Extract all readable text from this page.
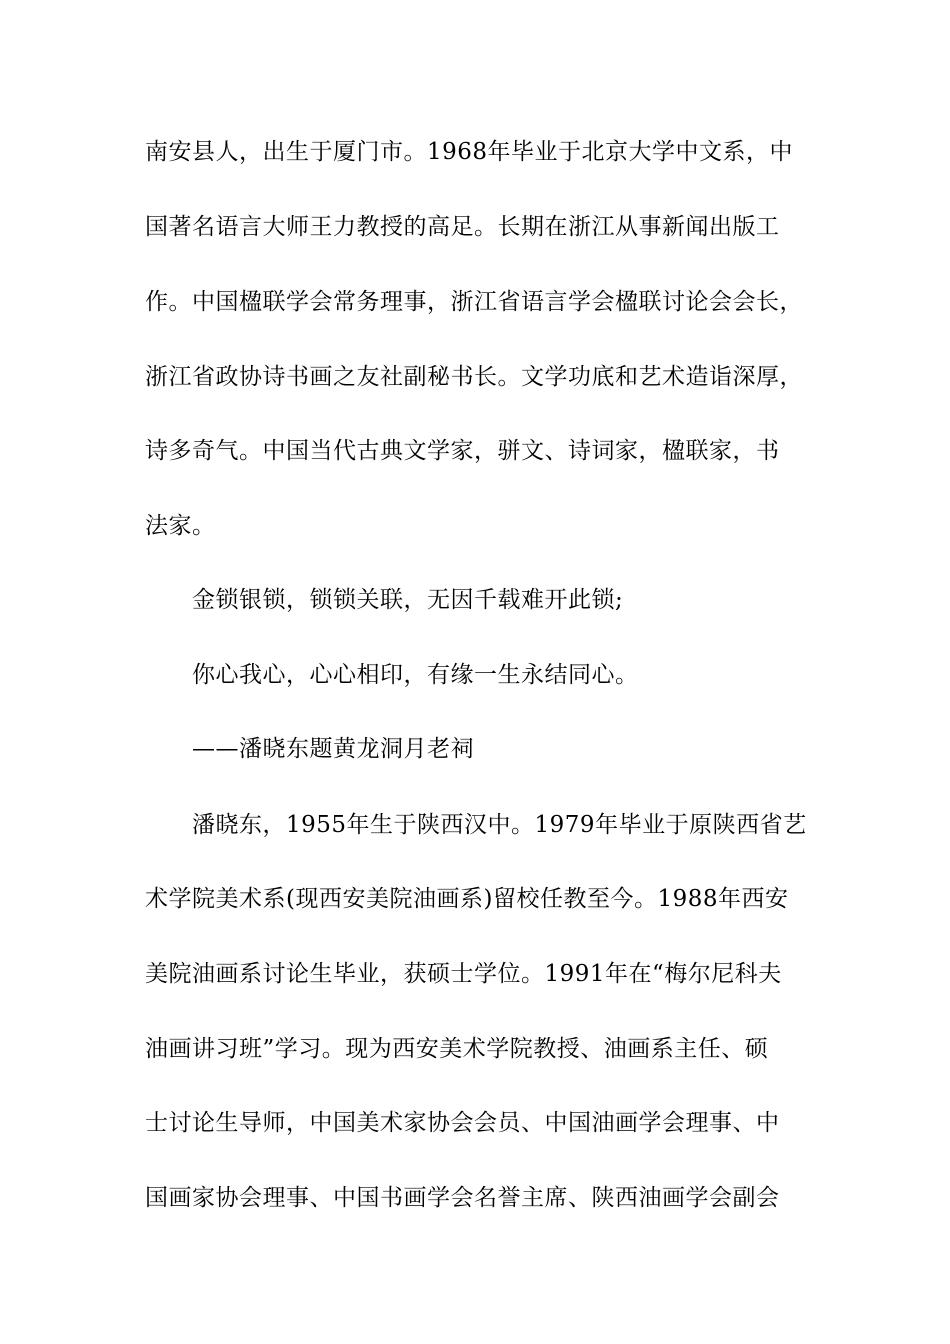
南安县人，出生于厦门市。1968年毕业于北京大学中文系，中
国著名语言大师王力教授的高足。长期在浙江从事新闻出版工
作。中国楹联学会常务理事，浙江省语言学会楹联讨论会会长，
浙江省政协诗书画之友社副秘书长。文学功底和艺术造诣深厚，
诗多奇气。中国当代古典文学家，骈文、诗词家，楹联家，书
法家。
金锁银锁，锁锁关联，无因千载难开此锁;
你心我心，心心相印，有缘一生永结同心。
——潘晓东题黄龙洞月老祠
潘晓东，1955年生于陕西汉中。1979年毕业于原陕西省艺
术学院美术系(现西安美院油画系)留校任教至今。1988年西安
美院油画系讨论生毕业，获硕士学位。1991年在“梅尔尼科夫
油画讲习班”学习。现为西安美术学院教授、油画系主任、硕
士讨论生导师，中国美术家协会会员、中国油画学会理事、中
国画家协会理事、中国书画学会名誉主席、陕西油画学会副会
